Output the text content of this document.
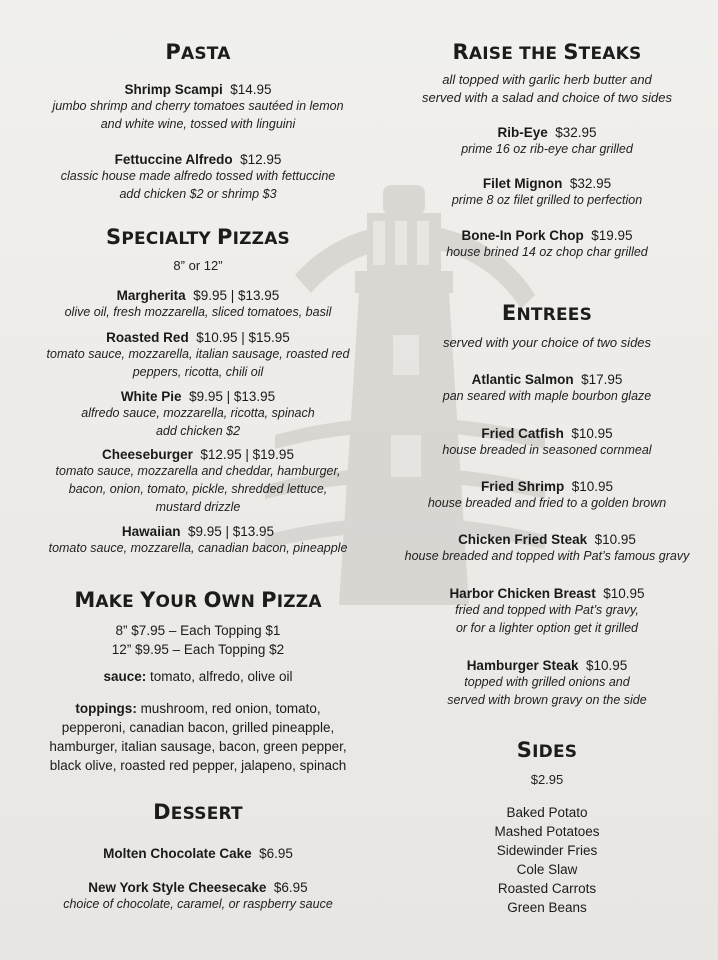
PASTA
Shrimp Scampi $14.95
jumbo shrimp and cherry tomatoes sautéed in lemon
and white wine, tossed with linguini
Fettuccine Alfredo $12.95
classic house made alfredo tossed with fettuccine
add chicken $2 or shrimp $3
SPECIALTY PIZZAS
8” or 12”
Margherita $9.95 | $13.95
olive oil, fresh mozzarella, sliced tomatoes, basil
Roasted Red $10.95 | $15.95
tomato sauce, mozzarella, italian sausage, roasted red
peppers, ricotta, chili oil
White Pie $9.95 | $13.95
alfredo sauce, mozzarella, ricotta, spinach
add chicken $2
Cheeseburger $12.95 | $19.95
tomato sauce, mozzarella and cheddar, hamburger,
bacon, onion, tomato, pickle, shredded lettuce,
mustard drizzle
Hawaiian $9.95 | $13.95
tomato sauce, mozzarella, canadian bacon, pineapple
MAKE YOUR OWN PIZZA
8” $7.95 – Each Topping $1
12” $9.95 – Each Topping $2
sauce: tomato, alfredo, olive oil
toppings: mushroom, red onion, tomato,
pepperoni, canadian bacon, grilled pineapple,
hamburger, italian sausage, bacon, green pepper,
black olive, roasted red pepper, jalapeno, spinach
DESSERT
Molten Chocolate Cake $6.95
New York Style Cheesecake $6.95
choice of chocolate, caramel, or raspberry sauce
RAISE THE STEAKS
all topped with garlic herb butter and
served with a salad and choice of two sides
Rib-Eye $32.95
prime 16 oz rib-eye char grilled
Filet Mignon $32.95
prime 8 oz filet grilled to perfection
Bone-In Pork Chop $19.95
house brined 14 oz chop char grilled
ENTREES
served with your choice of two sides
Atlantic Salmon $17.95
pan seared with maple bourbon glaze
Fried Catfish $10.95
house breaded in seasoned cornmeal
Fried Shrimp $10.95
house breaded and fried to a golden brown
Chicken Fried Steak $10.95
house breaded and topped with Pat’s famous gravy
Harbor Chicken Breast $10.95
fried and topped with Pat’s gravy,
or for a lighter option get it grilled
Hamburger Steak $10.95
topped with grilled onions and
served with brown gravy on the side
SIDES
$2.95
Baked Potato
Mashed Potatoes
Sidewinder Fries
Cole Slaw
Roasted Carrots
Green Beans
